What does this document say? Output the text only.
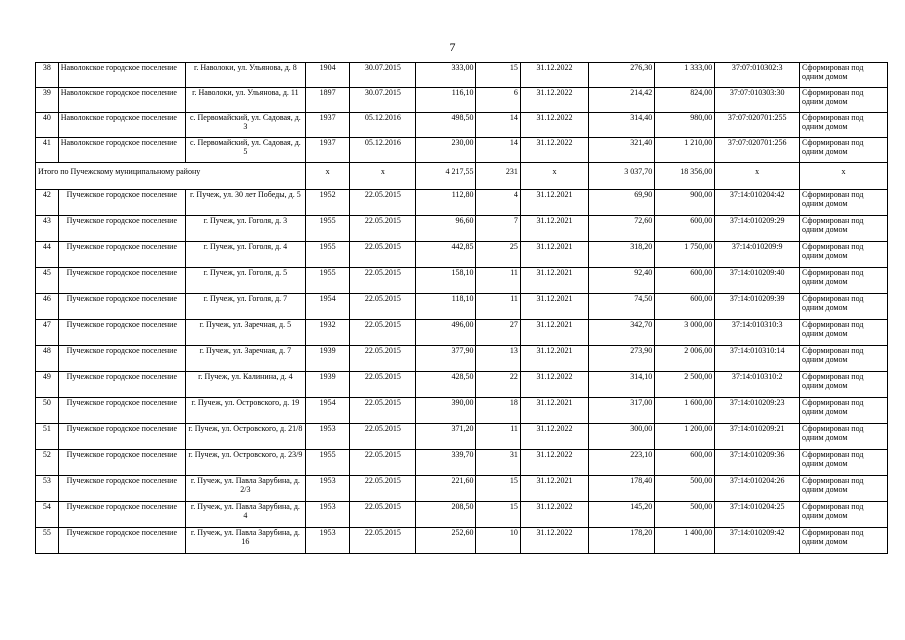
7
38	Наволокское городское поселение	г. Наволоки, ул. Ульянова, д. 8	1904	30.07.2015	333,00	15	31.12.2022	276,30	1 333,00	37:07:010302:3	Сформирован под одним домом
39	Наволокское городское поселение	г. Наволоки, ул. Ульянова, д. 11	1897	30.07.2015	116,10	6	31.12.2022	214,42	824,00	37:07:010303:30	Сформирован под одним домом
40	Наволокское городское поселение	с. Первомайский, ул. Садовая, д. 3	1937	05.12.2016	498,50	14	31.12.2022	314,40	980,00	37:07:020701:255	Сформирован под одним домом
41	Наволокское городское поселение	с. Первомайский, ул. Садовая, д. 5	1937	05.12.2016	230,00	14	31.12.2022	321,40	1 210,00	37:07:020701:256	Сформирован под одним домом
Итого по Пучежскому муниципальному району			х	х	4 217,55	231	х	3 037,70	18 356,00	х	х
42	Пучежское городское поселение	г. Пучеж, ул. 30 лет Победы, д. 5	1952	22.05.2015	112,80	4	31.12.2021	69,90	900,00	37:14:010204:42	Сформирован под одним домом
43	Пучежское городское поселение	г. Пучеж, ул. Гоголя, д. 3	1955	22.05.2015	96,60	7	31.12.2021	72,60	600,00	37:14:010209:29	Сформирован под одним домом
44	Пучежское городское поселение	г. Пучеж, ул. Гоголя, д. 4	1955	22.05.2015	442,85	25	31.12.2021	318,20	1 750,00	37:14:010209:9	Сформирован под одним домом
45	Пучежское городское поселение	г. Пучеж, ул. Гоголя, д. 5	1955	22.05.2015	158,10	11	31.12.2021	92,40	600,00	37:14:010209:40	Сформирован под одним домом
46	Пучежское городское поселение	г. Пучеж, ул. Гоголя, д. 7	1954	22.05.2015	118,10	11	31.12.2021	74,50	600,00	37:14:010209:39	Сформирован под одним домом
47	Пучежское городское поселение	г. Пучеж, ул. Заречная, д. 5	1932	22.05.2015	496,00	27	31.12.2021	342,70	3 000,00	37:14:010310:3	Сформирован под одним домом
48	Пучежское городское поселение	г. Пучеж, ул. Заречная, д. 7	1939	22.05.2015	377,90	13	31.12.2021	273,90	2 006,00	37:14:010310:14	Сформирован под одним домом
49	Пучежское городское поселение	г. Пучеж, ул. Калинина, д. 4	1939	22.05.2015	428,50	22	31.12.2022	314,10	2 500,00	37:14:010310:2	Сформирован под одним домом
50	Пучежское городское поселение	г. Пучеж, ул. Островского, д. 19	1954	22.05.2015	390,00	18	31.12.2021	317,00	1 600,00	37:14:010209:23	Сформирован под одним домом
51	Пучежское городское поселение	г. Пучеж, ул. Островского, д. 21/8	1953	22.05.2015	371,20	11	31.12.2022	300,00	1 200,00	37:14:010209:21	Сформирован под одним домом
52	Пучежское городское поселение	г. Пучеж, ул. Островского, д. 23/9	1955	22.05.2015	339,70	31	31.12.2022	223,10	600,00	37:14:010209:36	Сформирован под одним домом
53	Пучежское городское поселение	г. Пучеж, ул. Павла Зарубина, д. 2/3	1953	22.05.2015	221,60	15	31.12.2021	178,40	500,00	37:14:010204:26	Сформирован под одним домом
54	Пучежское городское поселение	г. Пучеж, ул. Павла Зарубина, д. 4	1953	22.05.2015	208,50	15	31.12.2022	145,20	500,00	37:14:010204:25	Сформирован под одним домом
55	Пучежское городское поселение	г. Пучеж, ул. Павла Зарубина, д. 16	1953	22.05.2015	252,60	10	31.12.2022	178,20	1 400,00	37:14:010209:42	Сформирован под одним домом
